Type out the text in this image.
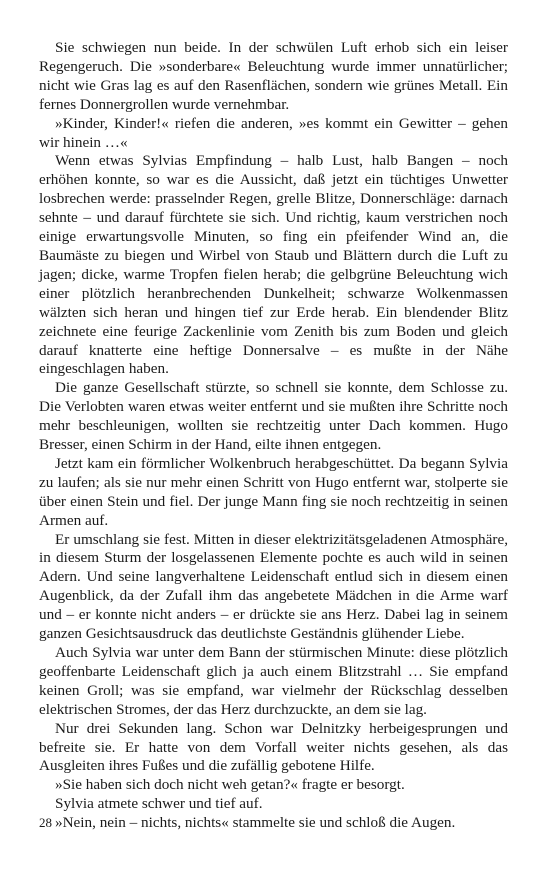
Sie schwiegen nun beide. In der schwülen Luft erhob sich ein leiser Regengeruch. Die »sonderbare« Beleuchtung wurde immer unnatürlicher; nicht wie Gras lag es auf den Rasenflächen, sondern wie grünes Metall. Ein fernes Donnergrollen wurde vernehmbar.

»Kinder, Kinder!« riefen die anderen, »es kommt ein Gewitter – gehen wir hinein …«

Wenn etwas Sylvias Empfindung – halb Lust, halb Bangen – noch erhöhen konnte, so war es die Aussicht, daß jetzt ein tüchtiges Unwetter losbrechen werde: prasselnder Regen, grelle Blitze, Donnerschläge: darnach sehnte – und darauf fürchtete sie sich. Und richtig, kaum verstrichen noch einige erwartungsvolle Minuten, so fing ein pfeifender Wind an, die Baumäste zu biegen und Wirbel von Staub und Blättern durch die Luft zu jagen; dicke, warme Tropfen fielen herab; die gelbgrüne Beleuchtung wich einer plötzlich heranbrechenden Dunkelheit; schwarze Wolkenmassen wälzten sich heran und hingen tief zur Erde herab. Ein blendender Blitz zeichnete eine feurige Zackenlinie vom Zenith bis zum Boden und gleich darauf knatterte eine heftige Donnersalve – es mußte in der Nähe eingeschlagen haben.

Die ganze Gesellschaft stürzte, so schnell sie konnte, dem Schlosse zu. Die Verlobten waren etwas weiter entfernt und sie mußten ihre Schritte noch mehr beschleunigen, wollten sie rechtzeitig unter Dach kommen. Hugo Bresser, einen Schirm in der Hand, eilte ihnen entgegen.

Jetzt kam ein förmlicher Wolkenbruch herabgeschüttet. Da begann Sylvia zu laufen; als sie nur mehr einen Schritt von Hugo entfernt war, stolperte sie über einen Stein und fiel. Der junge Mann fing sie noch rechtzeitig in seinen Armen auf.

Er umschlang sie fest. Mitten in dieser elektrizitätsgeladenen Atmosphäre, in diesem Sturm der losgelassenen Elemente pochte es auch wild in seinen Adern. Und seine langverhaltene Leidenschaft entlud sich in diesem einen Augenblick, da der Zufall ihm das angebetete Mädchen in die Arme warf und – er konnte nicht anders – er drückte sie ans Herz. Dabei lag in seinem ganzen Gesichtsausdruck das deutlichste Geständnis glühender Liebe.

Auch Sylvia war unter dem Bann der stürmischen Minute: diese plötzlich geoffenbarte Leidenschaft glich ja auch einem Blitzstrahl … Sie empfand keinen Groll; was sie empfand, war vielmehr der Rückschlag desselben elektrischen Stromes, der das Herz durchzuckte, an dem sie lag.

Nur drei Sekunden lang. Schon war Delnitzky herbeigesprungen und befreite sie. Er hatte von dem Vorfall weiter nichts gesehen, als das Ausgleiten ihres Fußes und die zufällig gebotene Hilfe.

»Sie haben sich doch nicht weh getan?« fragte er besorgt.

Sylvia atmete schwer und tief auf.

»Nein, nein – nichts, nichts« stammelte sie und schloß die Augen.

28
